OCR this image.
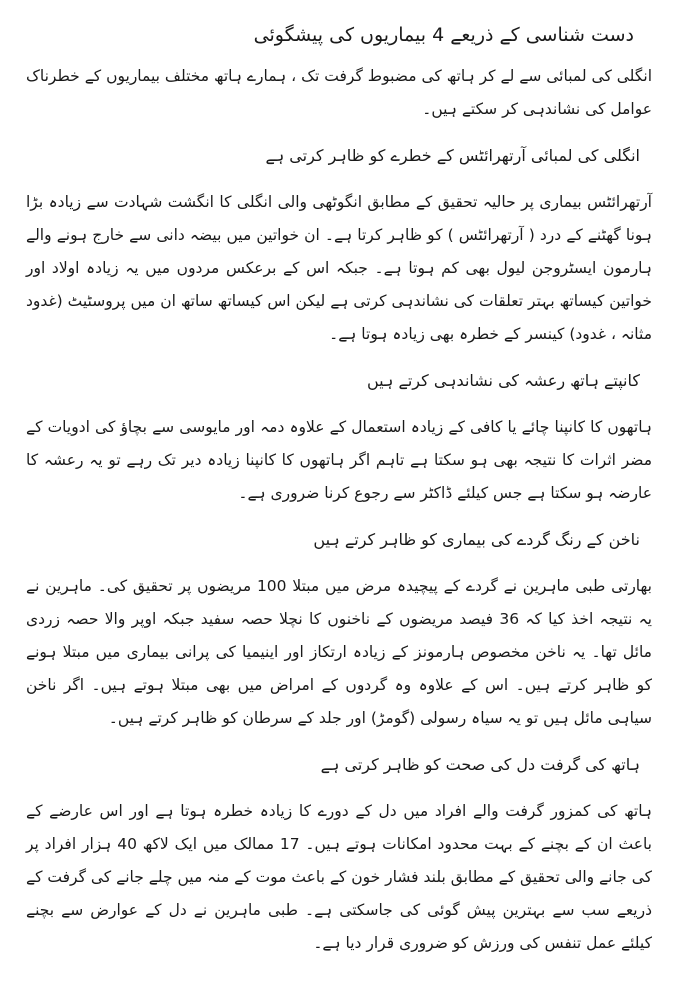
دست شناسی کے ذریعے 4 بیماریوں کی پیشگوئی

انگلی کی لمبائی سے لے کر ہاتھ کی مضبوط گرفت تک ، ہمارے ہاتھ مختلف بیماریوں کے خطرناک عوامل کی نشاندہی کر سکتے ہیں۔

انگلی کی لمبائی آرتھرائٹس کے خطرے کو ظاہر کرتی ہے

آرتھرائٹس بیماری پر حالیہ تحقیق کے مطابق انگوٹھی والی انگلی کا انگشت شہادت سے زیادہ بڑا ہونا گھٹنے کے درد ( آرتھرائٹس ) کو ظاہر کرتا ہے۔ ان خواتین میں بیضہ دانی سے خارج ہونے والے ہارمون ایسٹروجن لیول بھی کم ہوتا ہے۔ جبکہ اس کے برعکس مردوں میں یہ زیادہ اولاد اور خواتین کیساتھ بہتر تعلقات کی نشاندہی کرتی ہے لیکن اس کیساتھ ساتھ ان میں پروسٹیٹ (غدود مثانہ ، غدود) کینسر کے خطرہ بھی زیادہ ہوتا ہے۔

کانپتے ہاتھ رعشہ کی نشاندہی کرتے ہیں

ہاتھوں کا کانپنا چائے یا کافی کے زیادہ استعمال کے علاوہ دمہ اور مایوسی سے بچاؤ کی ادویات کے مضر اثرات کا نتیجہ بھی ہو سکتا ہے تاہم اگر ہاتھوں کا کانپنا زیادہ دیر تک رہے تو یہ رعشہ کا عارضہ ہو سکتا ہے جس کیلئے ڈاکٹر سے رجوع کرنا ضروری ہے۔

ناخن کے رنگ گردے کی بیماری کو ظاہر کرتے ہیں

بھارتی طبی ماہرین نے گردے کے پیچیدہ مرض میں مبتلا 100 مریضوں پر تحقیق کی۔ ماہرین نے یہ نتیجہ اخذ کیا کہ 36 فیصد مریضوں کے ناخنوں کا نچلا حصہ سفید جبکہ اوپر والا حصہ زردی مائل تھا۔ یہ ناخن مخصوص ہارمونز کے زیادہ ارتکاز اور اینیمیا کی پرانی بیماری میں مبتلا ہونے کو ظاہر کرتے ہیں۔ اس کے علاوہ وہ گردوں کے امراض میں بھی مبتلا ہوتے ہیں۔ اگر ناخن سیاہی مائل ہیں تو یہ سیاہ رسولی (گومڑ) اور جلد کے سرطان کو ظاہر کرتے ہیں۔

ہاتھ کی گرفت دل کی صحت کو ظاہر کرتی ہے

ہاتھ کی کمزور گرفت والے افراد میں دل کے دورے کا زیادہ خطرہ ہوتا ہے اور اس عارضے کے باعث ان کے بچنے کے بہت محدود امکانات ہوتے ہیں۔ 17 ممالک میں ایک لاکھ 40 ہزار افراد پر کی جانے والی تحقیق کے مطابق بلند فشار خون کے باعث موت کے منہ میں چلے جانے کی گرفت کے ذریعے سب سے بہترین پیش گوئی کی جاسکتی ہے۔ طبی ماہرین نے دل کے عوارض سے بچنے کیلئے عمل تنفس کی ورزش کو ضروری قرار دیا ہے۔
